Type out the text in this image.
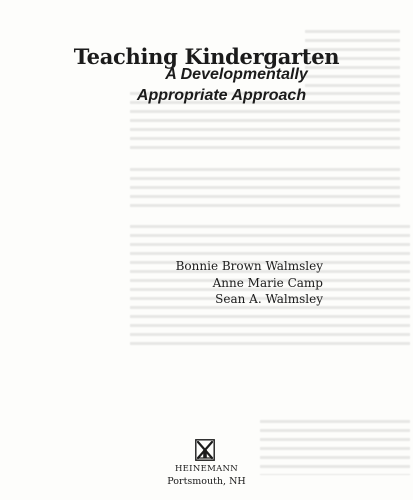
Teaching Kindergarten
A Developmentally
Appropriate Approach
Bonnie Brown Walmsley
Anne Marie Camp
Sean A. Walmsley
HEINEMANN
Portsmouth, NH
